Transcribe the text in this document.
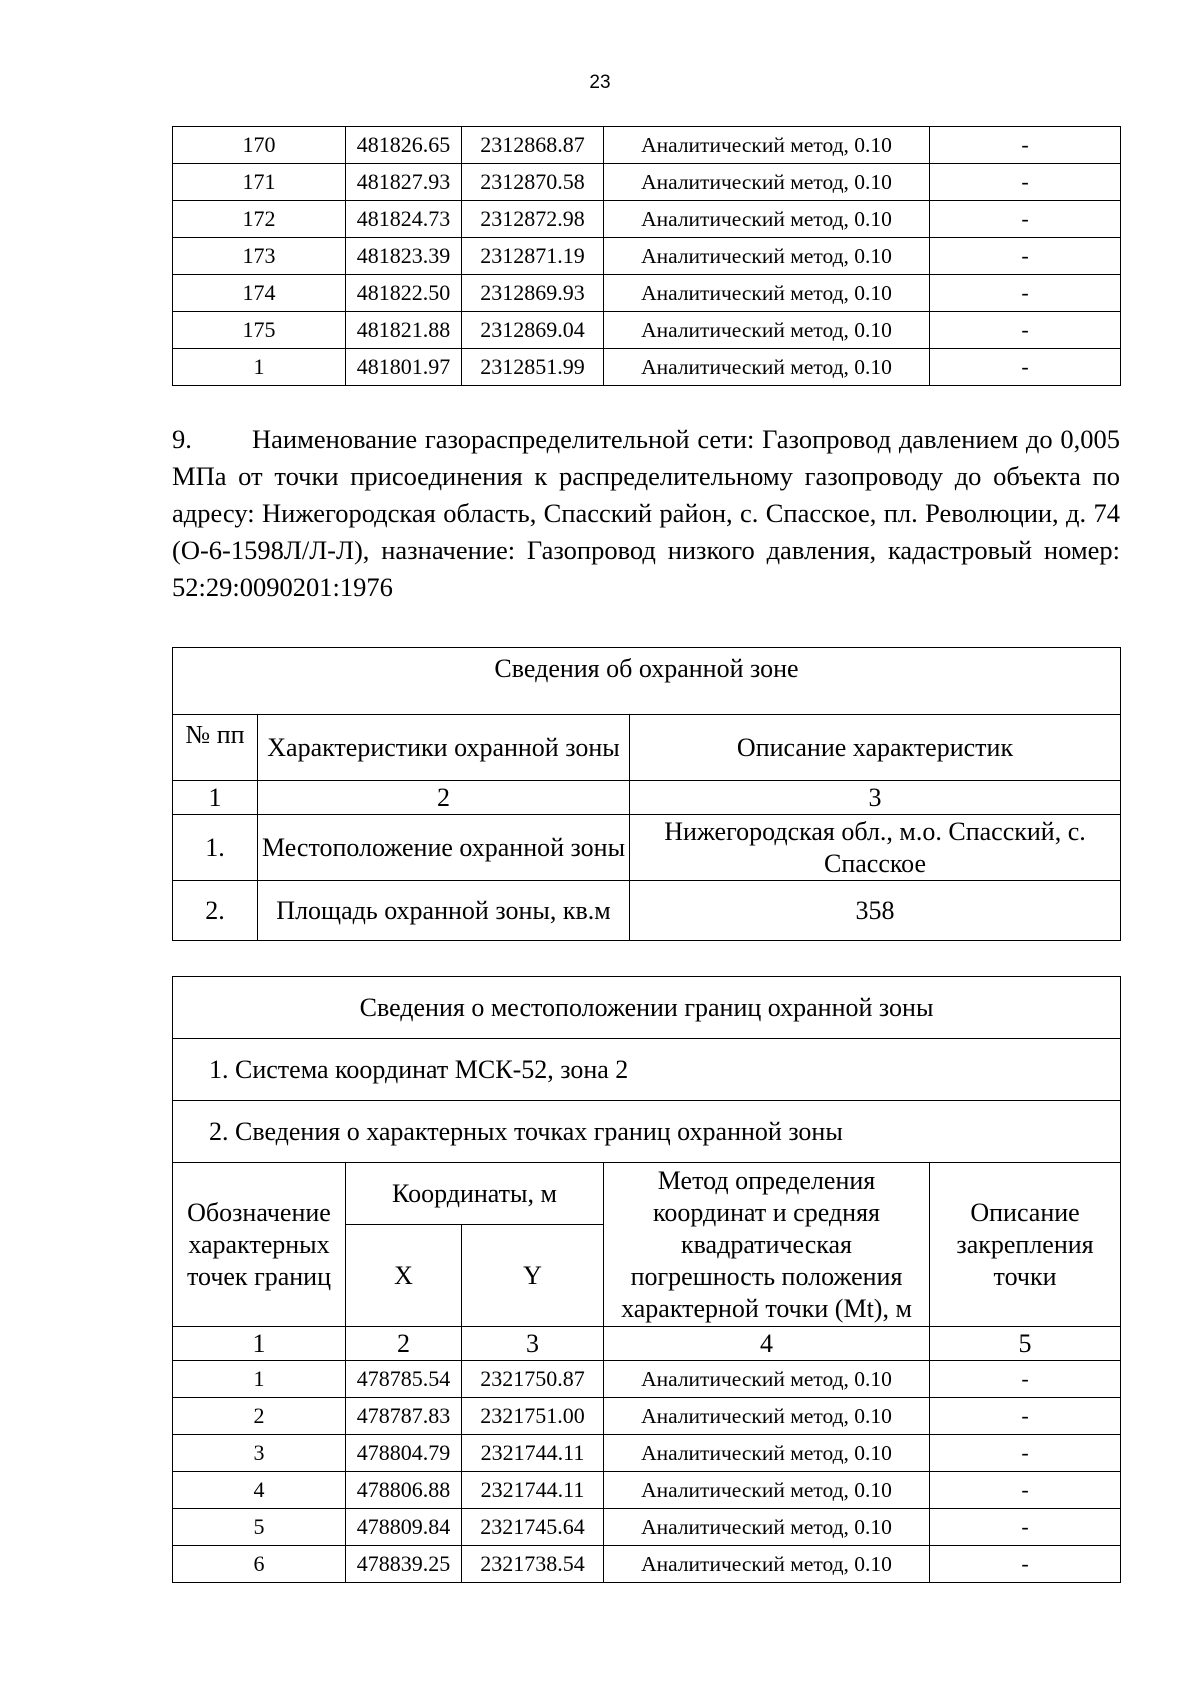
23
170	481826.65	2312868.87	Аналитический метод, 0.10	-
171	481827.93	2312870.58	Аналитический метод, 0.10	-
172	481824.73	2312872.98	Аналитический метод, 0.10	-
173	481823.39	2312871.19	Аналитический метод, 0.10	-
174	481822.50	2312869.93	Аналитический метод, 0.10	-
175	481821.88	2312869.04	Аналитический метод, 0.10	-
1	481801.97	2312851.99	Аналитический метод, 0.10	-

9. Наименование газораспределительной сети: Газопровод давлением до 0,005 МПа от точки присоединения к распределительному газопроводу до объекта по адресу: Нижегородская область, Спасский район, с. Спасское, пл. Революции, д. 74 (О-6-1598Л/Л-Л), назначение: Газопровод низкого давления, кадастровый номер: 52:29:0090201:1976

Сведения об охранной зоне		
№ пп	Характеристики охранной зоны	Описание характеристик
1	2	3
1.	Местоположение охранной зоны	Нижегородская обл., м.о. Спасский, с. Спасское
2.	Площадь охранной зоны, кв.м	358
Сведения о местоположении границ охранной зоны				
1. Система координат МСК-52, зона 2				
2. Сведения о характерных точках границ охранной зоны				
Обозначение характерных точек границ	Координаты, м		Метод определения координат и средняя квадратическая погрешность положения характерной точки (Mt), м	Описание закрепления точки
	X	Y		
1	2	3	4	5
1	478785.54	2321750.87	Аналитический метод, 0.10	-
2	478787.83	2321751.00	Аналитический метод, 0.10	-
3	478804.79	2321744.11	Аналитический метод, 0.10	-
4	478806.88	2321744.11	Аналитический метод, 0.10	-
5	478809.84	2321745.64	Аналитический метод, 0.10	-
6	478839.25	2321738.54	Аналитический метод, 0.10	-
